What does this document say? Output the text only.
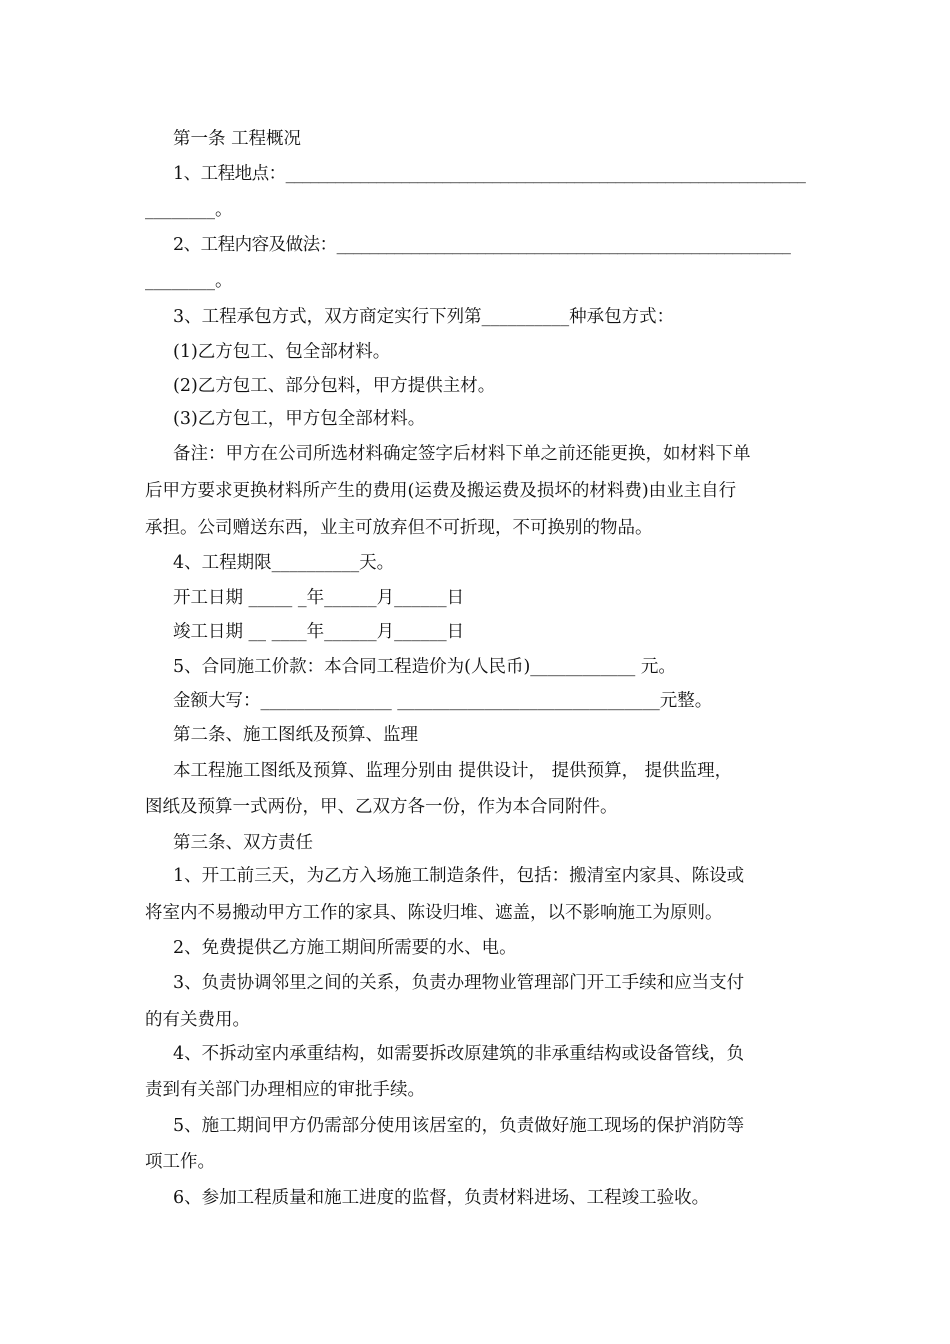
第一条 工程概况
1、工程地点：_______________________________________________________________
________。
2、工程内容及做法：_______________________________________________________
________。
3、工程承包方式，双方商定实行下列第__________种承包方式：
(1)乙方包工、包全部材料。
(2)乙方包工、部分包料，甲方提供主材。
(3)乙方包工，甲方包全部材料。
备注：甲方在公司所选材料确定签字后材料下单之前还能更换，如材料下单
后甲方要求更换材料所产生的费用(运费及搬运费及损坏的材料费)由业主自行
承担。公司赠送东西，业主可放弃但不可折现，不可换别的物品。
4、工程期限__________天。
开工日期 _____ _年______月______日
竣工日期 __ ____年______月______日
5、合同施工价款：本合同工程造价为(人民币)____________ 元。
金额大写：_______________ ______________________________元整。
第二条、施工图纸及预算、监理
本工程施工图纸及预算、监理分别由 提供设计， 提供预算， 提供监理，
图纸及预算一式两份，甲、乙双方各一份，作为本合同附件。
第三条、双方责任
1、开工前三天，为乙方入场施工制造条件，包括：搬清室内家具、陈设或
将室内不易搬动甲方工作的家具、陈设归堆、遮盖，以不影响施工为原则。
2、免费提供乙方施工期间所需要的水、电。
3、负责协调邻里之间的关系，负责办理物业管理部门开工手续和应当支付
的有关费用。
4、不拆动室内承重结构，如需要拆改原建筑的非承重结构或设备管线，负
责到有关部门办理相应的审批手续。
5、施工期间甲方仍需部分使用该居室的，负责做好施工现场的保护消防等
项工作。
6、参加工程质量和施工进度的监督，负责材料进场、工程竣工验收。
